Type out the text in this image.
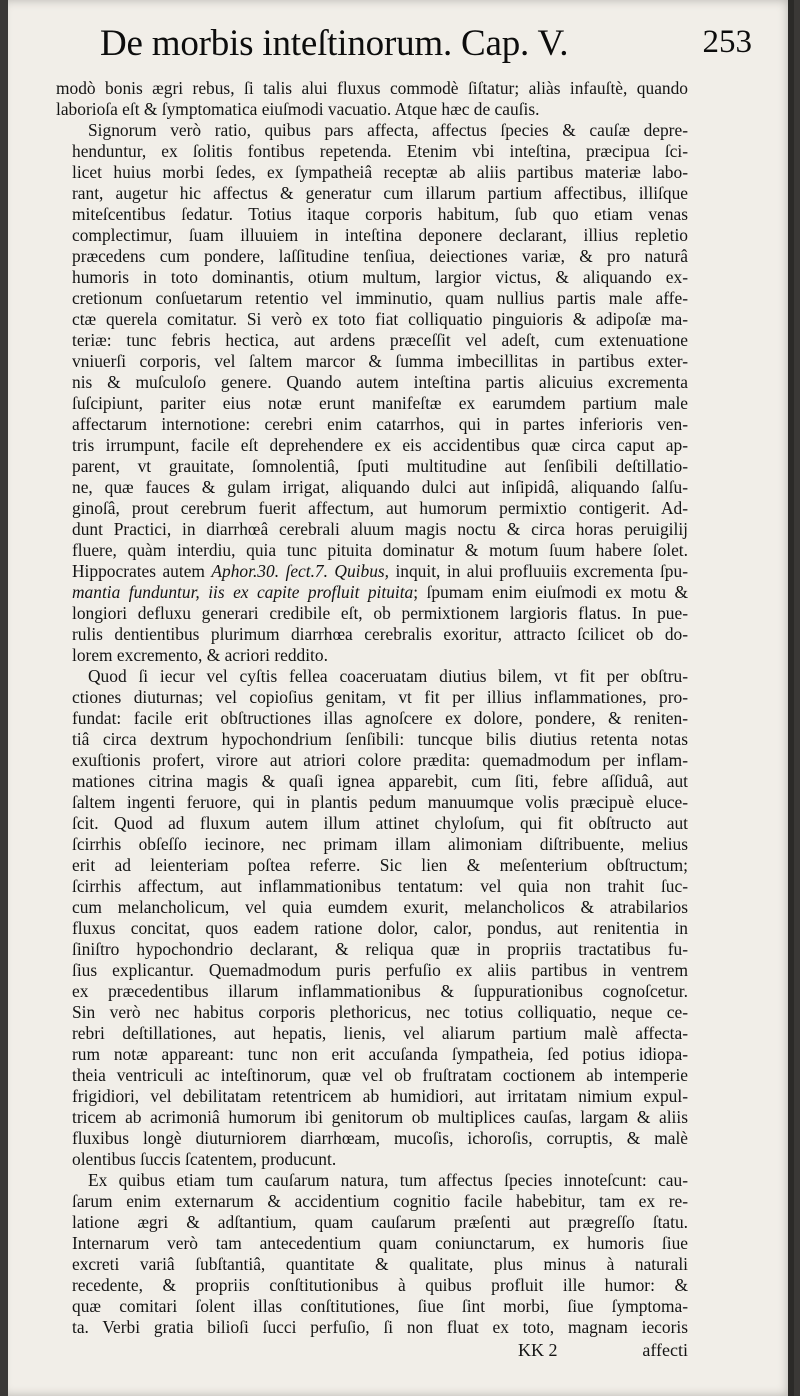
De morbis inteſtinorum. Cap. V.	253
modò bonis ægri rebus, ſi talis alui fluxus commodè ſiſtatur; aliàs infauſtè, quando
laborioſa eſt & ſymptomatica eiuſmodi vacuatio. Atque hæc de cauſis.
Signorum verò ratio, quibus pars affecta, affectus ſpecies & cauſæ depre-
henduntur, ex ſolitis fontibus repetenda. Etenim vbi inteſtina, præcipua ſci-
licet huius morbi ſedes, ex ſympatheiâ receptæ ab aliis partibus materiæ labo-
rant, augetur hic affectus & generatur cum illarum partium affectibus, illiſque
miteſcentibus ſedatur. Totius itaque corporis habitum, ſub quo etiam venas
complectimur, ſuam illuuiem in inteſtina deponere declarant, illius repletio
præcedens cum pondere, laſſitudine tenſiua, deiectiones variæ, & pro naturâ
humoris in toto dominantis, otium multum, largior victus, & aliquando ex-
cretionum conſuetarum retentio vel imminutio, quam nullius partis male affe-
ctæ querela comitatur. Si verò ex toto fiat colliquatio pinguioris & adipoſæ ma-
teriæ: tunc febris hectica, aut ardens præceſſit vel adeſt, cum extenuatione
vniuerſi corporis, vel ſaltem marcor & ſumma imbecillitas in partibus exter-
nis & muſculoſo genere. Quando autem inteſtina partis alicuius excrementa
ſuſcipiunt, pariter eius notæ erunt manifeſtæ ex earumdem partium male
affectarum internotione: cerebri enim catarrhos, qui in partes inferioris ven-
tris irrumpunt, facile eſt deprehendere ex eis accidentibus quæ circa caput ap-
parent, vt grauitate, ſomnolentiâ, ſputi multitudine aut ſenſibili deſtillatio-
ne, quæ fauces & gulam irrigat, aliquando dulci aut inſipidâ, aliquando ſalſu-
ginoſâ, prout cerebrum fuerit affectum, aut humorum permixtio contigerit. Ad-
dunt Practici, in diarrhœâ cerebrali aluum magis noctu & circa horas peruigilij
fluere, quàm interdiu, quia tunc pituita dominatur & motum ſuum habere ſolet.
Hippocrates autem Aphor.30. ſect.7. Quibus, inquit, in alui profluuiis excrementa ſpu-
mantia funduntur, iis ex capite profluit pituita; ſpumam enim eiuſmodi ex motu &
longiori defluxu generari credibile eſt, ob permixtionem largioris flatus. In pue-
rulis dentientibus plurimum diarrhœa cerebralis exoritur, attracto ſcilicet ob do-
lorem excremento, & acriori reddito.
Quod ſi iecur vel cyſtis fellea coaceruatam diutius bilem, vt fit per obſtru-
ctiones diuturnas; vel copioſius genitam, vt fit per illius inflammationes, pro-
fundat: facile erit obſtructiones illas agnoſcere ex dolore, pondere, & reniten-
tiâ circa dextrum hypochondrium ſenſibili: tuncque bilis diutius retenta notas
exuſtionis profert, virore aut atriori colore prædita: quemadmodum per inflam-
mationes citrina magis & quaſi ignea apparebit, cum ſiti, febre aſſiduâ, aut
ſaltem ingenti feruore, qui in plantis pedum manuumque volis præcipuè eluce-
ſcit. Quod ad fluxum autem illum attinet chyloſum, qui fit obſtructo aut
ſcirrhis obſeſſo iecinore, nec primam illam alimoniam diſtribuente, melius
erit ad leienteriam poſtea referre. Sic lien & meſenterium obſtructum;
ſcirrhis affectum, aut inflammationibus tentatum: vel quia non trahit ſuc-
cum melancholicum, vel quia eumdem exurit, melancholicos & atrabilarios
fluxus concitat, quos eadem ratione dolor, calor, pondus, aut renitentia in
ſiniſtro hypochondrio declarant, & reliqua quæ in propriis tractatibus fu-
ſius explicantur. Quemadmodum puris perfuſio ex aliis partibus in ventrem
ex præcedentibus illarum inflammationibus & ſuppurationibus cognoſcetur.
Sin verò nec habitus corporis plethoricus, nec totius colliquatio, neque ce-
rebri deſtillationes, aut hepatis, lienis, vel aliarum partium malè affecta-
rum notæ appareant: tunc non erit accuſanda ſympatheia, ſed potius idiopa-
theia ventriculi ac inteſtinorum, quæ vel ob fruſtratam coctionem ab intemperie
frigidiori, vel debilitatam retentricem ab humidiori, aut irritatam nimium expul-
tricem ab acrimoniâ humorum ibi genitorum ob multiplices cauſas, largam & aliis
fluxibus longè diuturniorem diarrhœam, mucoſis, ichoroſis, corruptis, & malè
olentibus ſuccis ſcatentem, producunt.
Ex quibus etiam tum cauſarum natura, tum affectus ſpecies innoteſcunt: cau-
ſarum enim externarum & accidentium cognitio facile habebitur, tam ex re-
latione ægri & adſtantium, quam cauſarum præſenti aut prægreſſo ſtatu.
Internarum verò tam antecedentium quam coniunctarum, ex humoris ſiue
excreti variâ ſubſtantiâ, quantitate & qualitate, plus minus à naturali
recedente, & propriis conſtitutionibus à quibus profluit ille humor: &
quæ comitari ſolent illas conſtitutiones, ſiue ſint morbi, ſiue ſymptoma-
ta. Verbi gratia bilioſi ſucci perfuſio, ſi non fluat ex toto, magnam iecoris
KK 2	affecti
